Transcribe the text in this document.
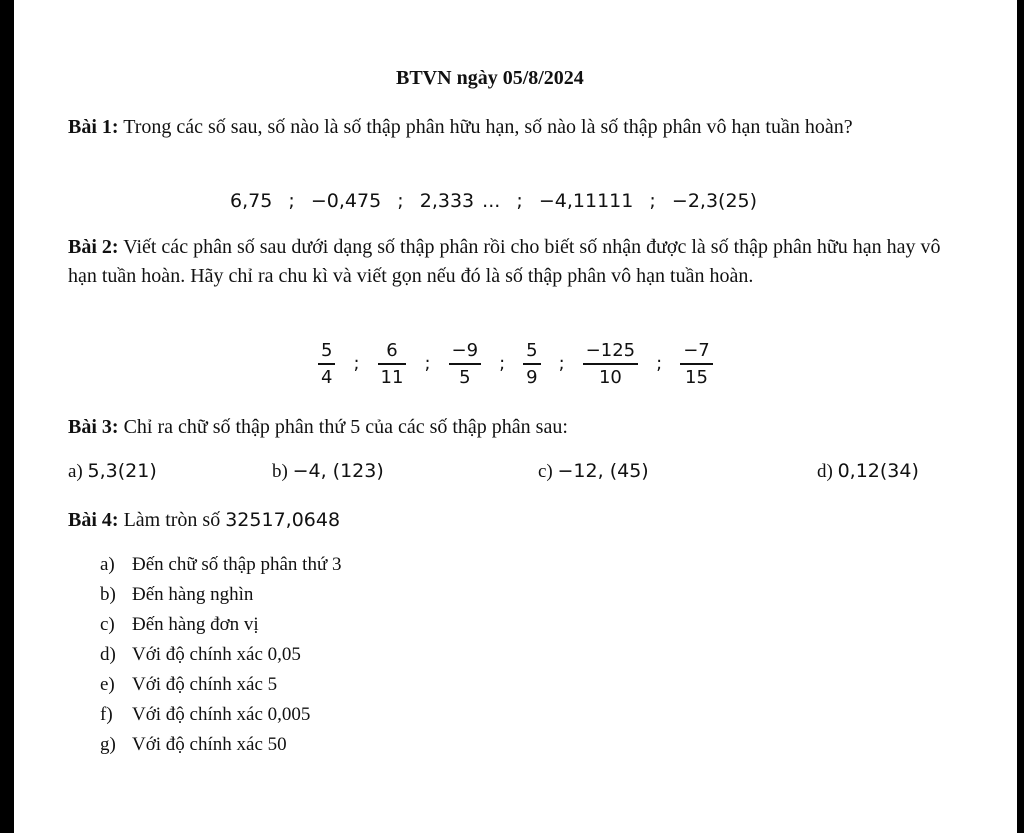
BTVN ngày 05/8/2024
Bài 1: Trong các số sau, số nào là số thập phân hữu hạn, số nào là số thập phân vô hạn tuần hoàn?
6,75  ;  −0,475  ;  2,333 ...  ;  −4,11111  ;  −2,3(25)
Bài 2: Viết các phân số sau dưới dạng số thập phân rồi cho biết số nhận được là số thập phân hữu hạn hay vô hạn tuần hoàn. Hãy chỉ ra chu kì và viết gọn nếu đó là số thập phân vô hạn tuần hoàn.
$\frac{5}{4}$ ; $\frac{6}{11}$ ; $\frac{-9}{5}$ ; $\frac{5}{9}$ ; $\frac{-125}{10}$ ; $\frac{-7}{15}$
Bài 3: Chỉ ra chữ số thập phân thứ 5 của các số thập phân sau:
a) 5,3(21)	b) −4, (123)	c) −12, (45)	d) 0,12(34)
Bài 4: Làm tròn số 32517,0648
a) Đến chữ số thập phân thứ 3
b) Đến hàng nghìn
c) Đến hàng đơn vị
d) Với độ chính xác 0,05
e) Với độ chính xác 5
f)	Với độ chính xác 0,005
g) Với độ chính xác 50
